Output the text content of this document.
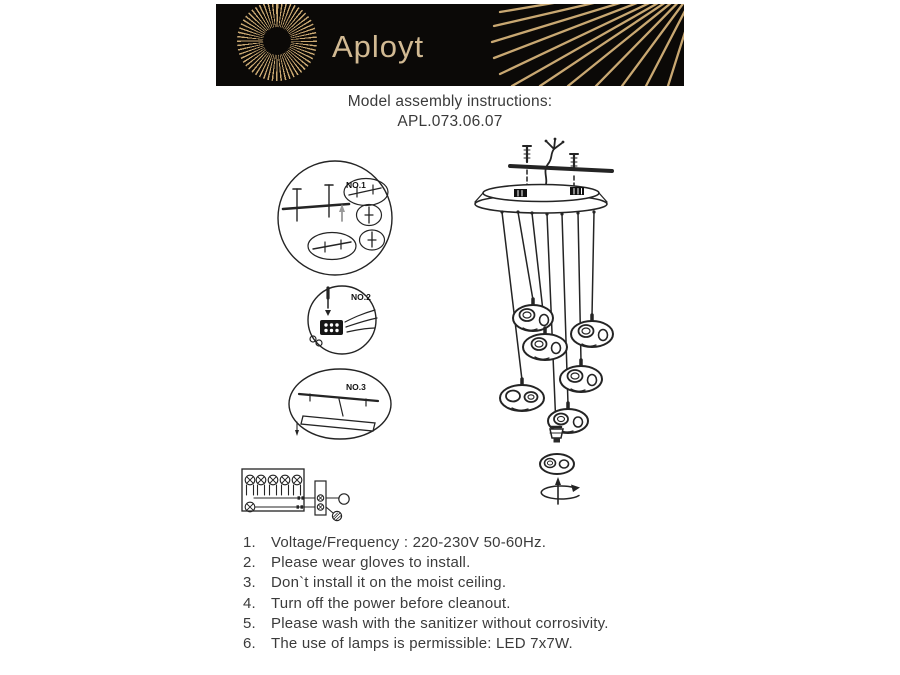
Aployt
Model assembly instructions:
APL.073.06.07
NO.1
NO.2
NO.3
1.	Voltage/Frequency : 220-230V 50-60Hz.
2.	Please wear gloves to install.
3.	Don`t install it on the moist ceiling.
4.	Turn off the power before cleanout.
5.	Please wash with the sanitizer without corrosivity.
6.	The use of lamps is permissible: LED 7x7W.
